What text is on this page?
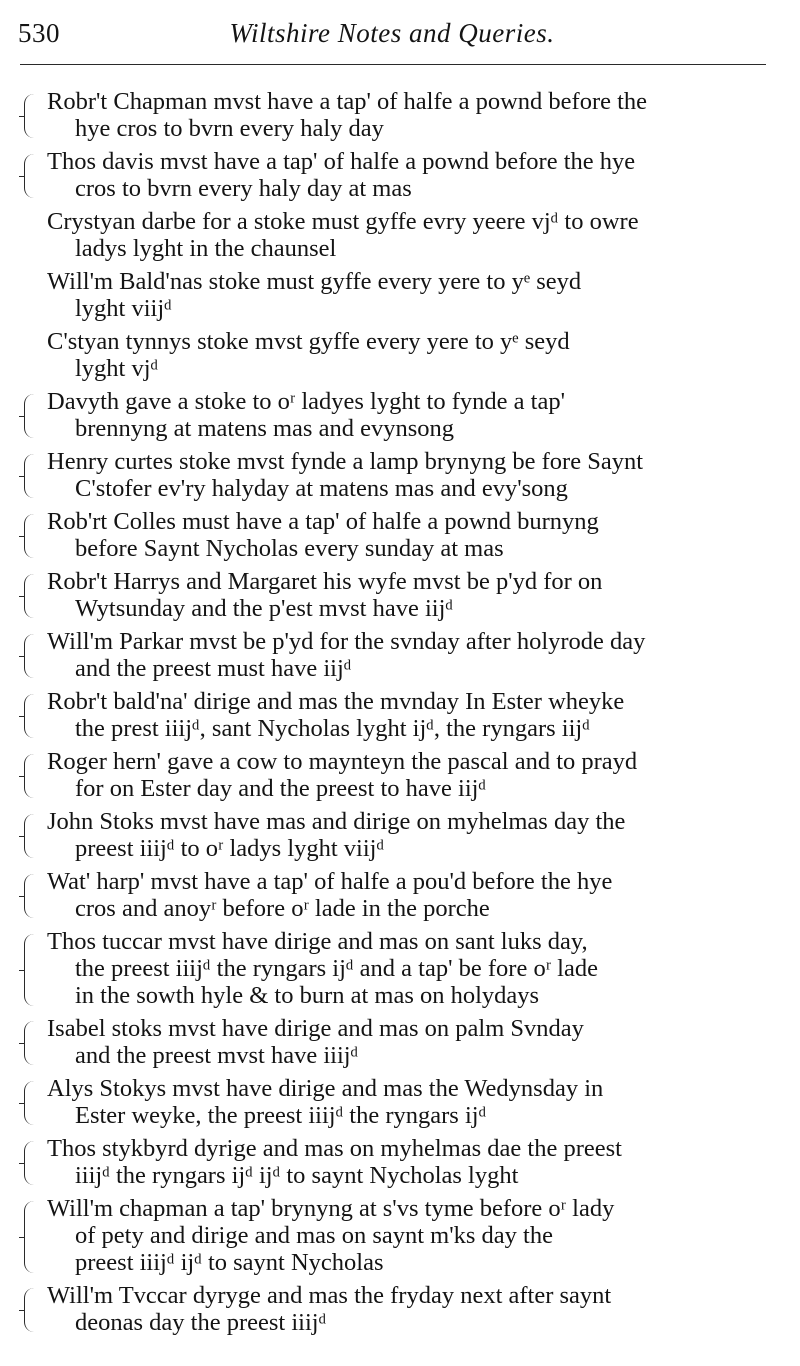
530	Wiltshire Notes and Queries.
Robr't Chapman mvst have a tap' of halfe a pownd before the
hye cros to bvrn every haly day
Thos davis mvst have a tap' of halfe a pownd before the hye
cros to bvrn every haly day at mas
Crystyan darbe for a stoke must gyffe evry yeere vjᵈ to owre
ladys lyght in the chaunsel
Will'm Bald'nas stoke must gyffe every yere to yᵉ seyd
lyght viijᵈ
C'styan tynnys stoke mvst gyffe every yere to yᵉ seyd
lyght vjᵈ
Davyth gave a stoke to oʳ ladyes lyght to fynde a tap'
brennyng at matens mas and evynsong
Henry curtes stoke mvst fynde a lamp brynyng be fore Saynt
C'stofer ev'ry halyday at matens mas and evy'song
Rob'rt Colles must have a tap' of halfe a pownd burnyng
before Saynt Nycholas every sunday at mas
Robr't Harrys and Margaret his wyfe mvst be p'yd for on
Wytsunday and the p'est mvst have iijᵈ
Will'm Parkar mvst be p'yd for the svnday after holyrode day
and the preest must have iijᵈ
Robr't bald'na' dirige and mas the mvnday In Ester wheyke
the prest iiijᵈ, sant Nycholas lyght ijᵈ, the ryngars iijᵈ
Roger hern' gave a cow to maynteyn the pascal and to prayd
for on Ester day and the preest to have iijᵈ
John Stoks mvst have mas and dirige on myhelmas day the
preest iiijᵈ to oʳ ladys lyght viijᵈ
Wat' harp' mvst have a tap' of halfe a pou'd before the hye
cros and anoyʳ before oʳ lade in the porche
Thos tuccar mvst have dirige and mas on sant luks day,
the preest iiijᵈ the ryngars ijᵈ and a tap' be fore oʳ lade
in the sowth hyle & to burn at mas on holydays
Isabel stoks mvst have dirige and mas on palm Svnday
and the preest mvst have iiijᵈ
Alys Stokys mvst have dirige and mas the Wedynsday in
Ester weyke, the preest iiijᵈ the ryngars ijᵈ
Thos stykbyrd dyrige and mas on myhelmas dae the preest
iiijᵈ the ryngars ijᵈ ijᵈ to saynt Nycholas lyght
Will'm chapman a tap' brynyng at s'vs tyme before oʳ lady
of pety and dirige and mas on saynt m'ks day the
preest iiijᵈ ijᵈ to saynt Nycholas
Will'm Tvccar dyryge and mas the fryday next after saynt
deonas day the preest iiijᵈ
